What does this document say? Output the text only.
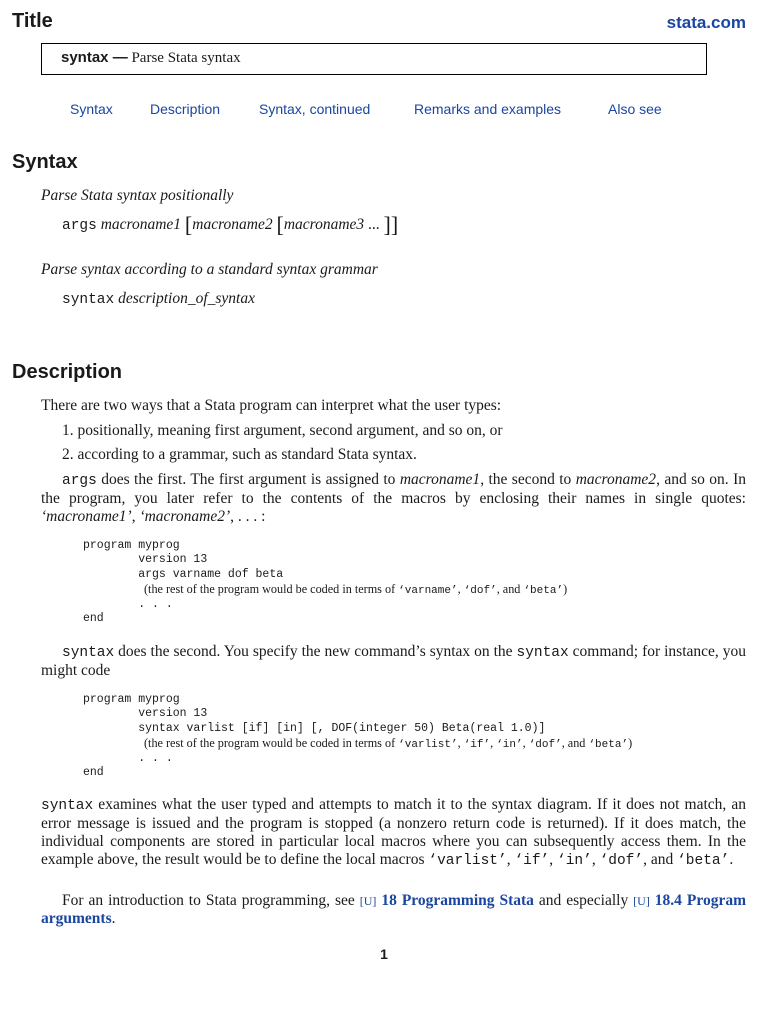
Title	stata.com
syntax — Parse Stata syntax
Syntax	Description	Syntax, continued	Remarks and examples	Also see
Syntax
Parse Stata syntax positionally
args macroname1 [macroname2 [macroname3 ... ]]
Parse syntax according to a standard syntax grammar
syntax description_of_syntax
Description
There are two ways that a Stata program can interpret what the user types:
1. positionally, meaning first argument, second argument, and so on, or
2. according to a grammar, such as standard Stata syntax.
args does the first. The first argument is assigned to macroname1, the second to macroname2, and so on. In the program, you later refer to the contents of the macros by enclosing their names in single quotes: ‘macroname1’, ‘macroname2’, . . . :
program myprog
version 13
args varname dof beta
(the rest of the program would be coded in terms of ‘varname’, ‘dof’, and ‘beta’)
. . .
end
syntax does the second. You specify the new command’s syntax on the syntax command; for instance, you might code
program myprog
version 13
syntax varlist [if] [in] [, DOF(integer 50) Beta(real 1.0)]
(the rest of the program would be coded in terms of ‘varlist’, ‘if’, ‘in’, ‘dof’, and ‘beta’)
. . .
end
syntax examines what the user typed and attempts to match it to the syntax diagram. If it does not match, an error message is issued and the program is stopped (a nonzero return code is returned). If it does match, the individual components are stored in particular local macros where you can subsequently access them. In the example above, the result would be to define the local macros ‘varlist’, ‘if’, ‘in’, ‘dof’, and ‘beta’.
For an introduction to Stata programming, see [U] 18 Programming Stata and especially [U] 18.4 Program arguments.
1
